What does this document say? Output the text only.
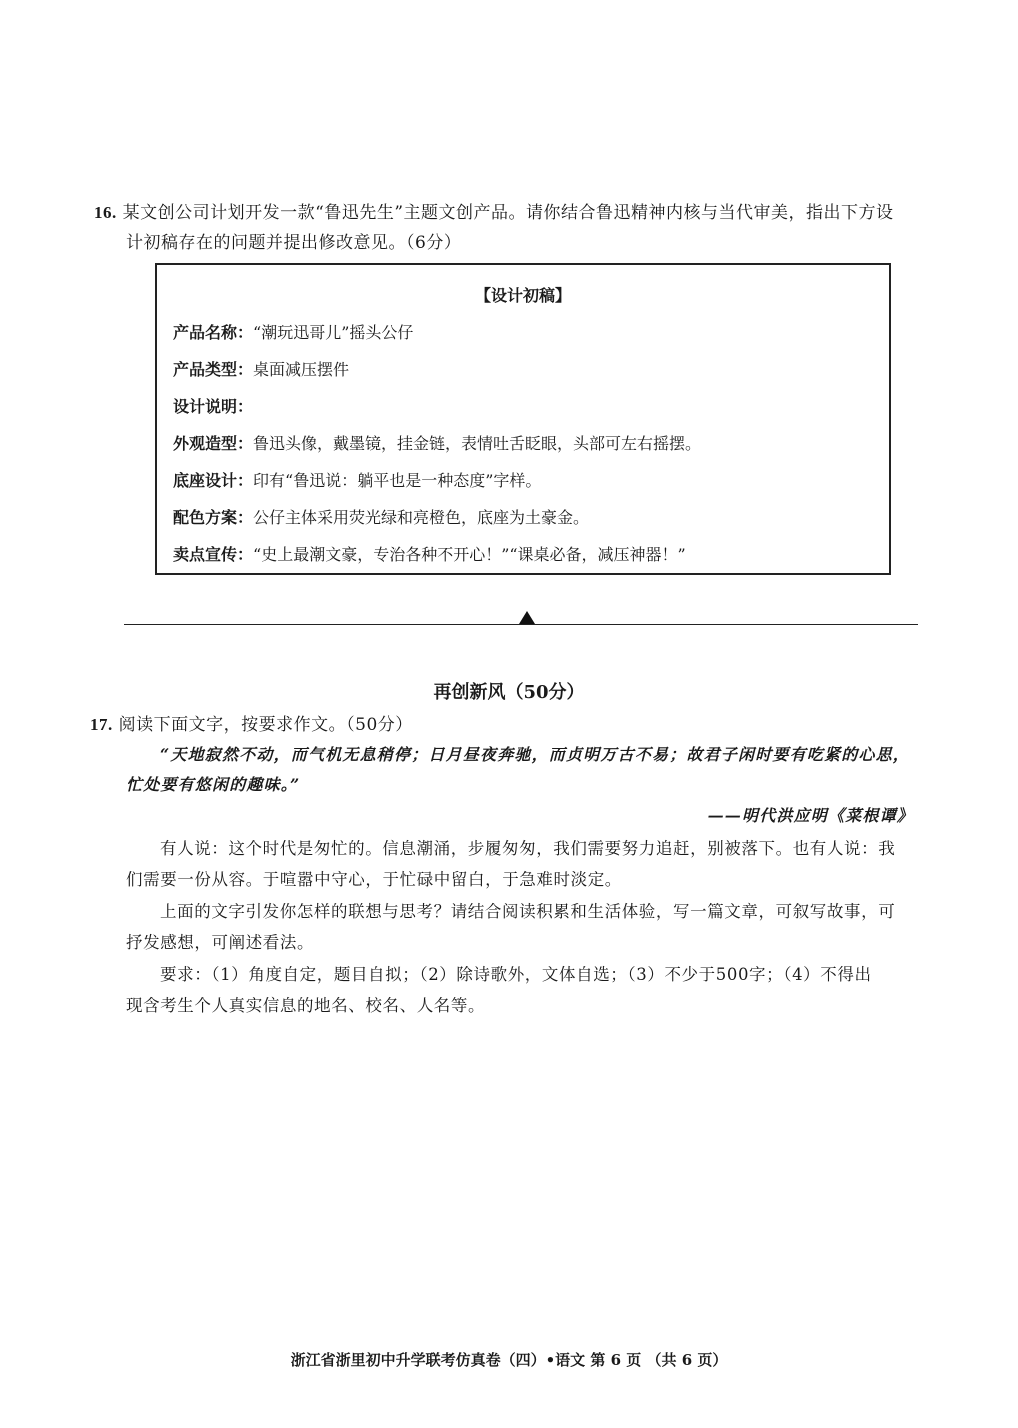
16. 某文创公司计划开发一款“鲁迅先生”主题文创产品。请你结合鲁迅精神内核与当代审美，指出下方设
计初稿存在的问题并提出修改意见。（6分）
【设计初稿】
产品名称：“潮玩迅哥儿”摇头公仔
产品类型：桌面减压摆件
设计说明：
外观造型：鲁迅头像，戴墨镜，挂金链，表情吐舌眨眼，头部可左右摇摆。
底座设计：印有“鲁迅说：躺平也是一种态度”字样。
配色方案：公仔主体采用荧光绿和亮橙色，底座为土豪金。
卖点宣传：“史上最潮文豪，专治各种不开心！”“课桌必备，减压神器！”
再创新风（50分）
17. 阅读下面文字，按要求作文。（50分）
“天地寂然不动，而气机无息稍停；日月昼夜奔驰，而贞明万古不易；故君子闲时要有吃紧的心思，
忙处要有悠闲的趣味。”
——明代洪应明《菜根谭》
有人说：这个时代是匆忙的。信息潮涌，步履匆匆，我们需要努力追赶，别被落下。也有人说：我
们需要一份从容。于喧嚣中守心，于忙碌中留白，于急难时淡定。
上面的文字引发你怎样的联想与思考？请结合阅读积累和生活体验，写一篇文章，可叙写故事，可
抒发感想，可阐述看法。
要求：（1）角度自定，题目自拟；（2）除诗歌外，文体自选；（3）不少于500字；（4）不得出
现含考生个人真实信息的地名、校名、人名等。
浙江省浙里初中升学联考仿真卷（四）•语文 第 6 页 （共 6 页）
